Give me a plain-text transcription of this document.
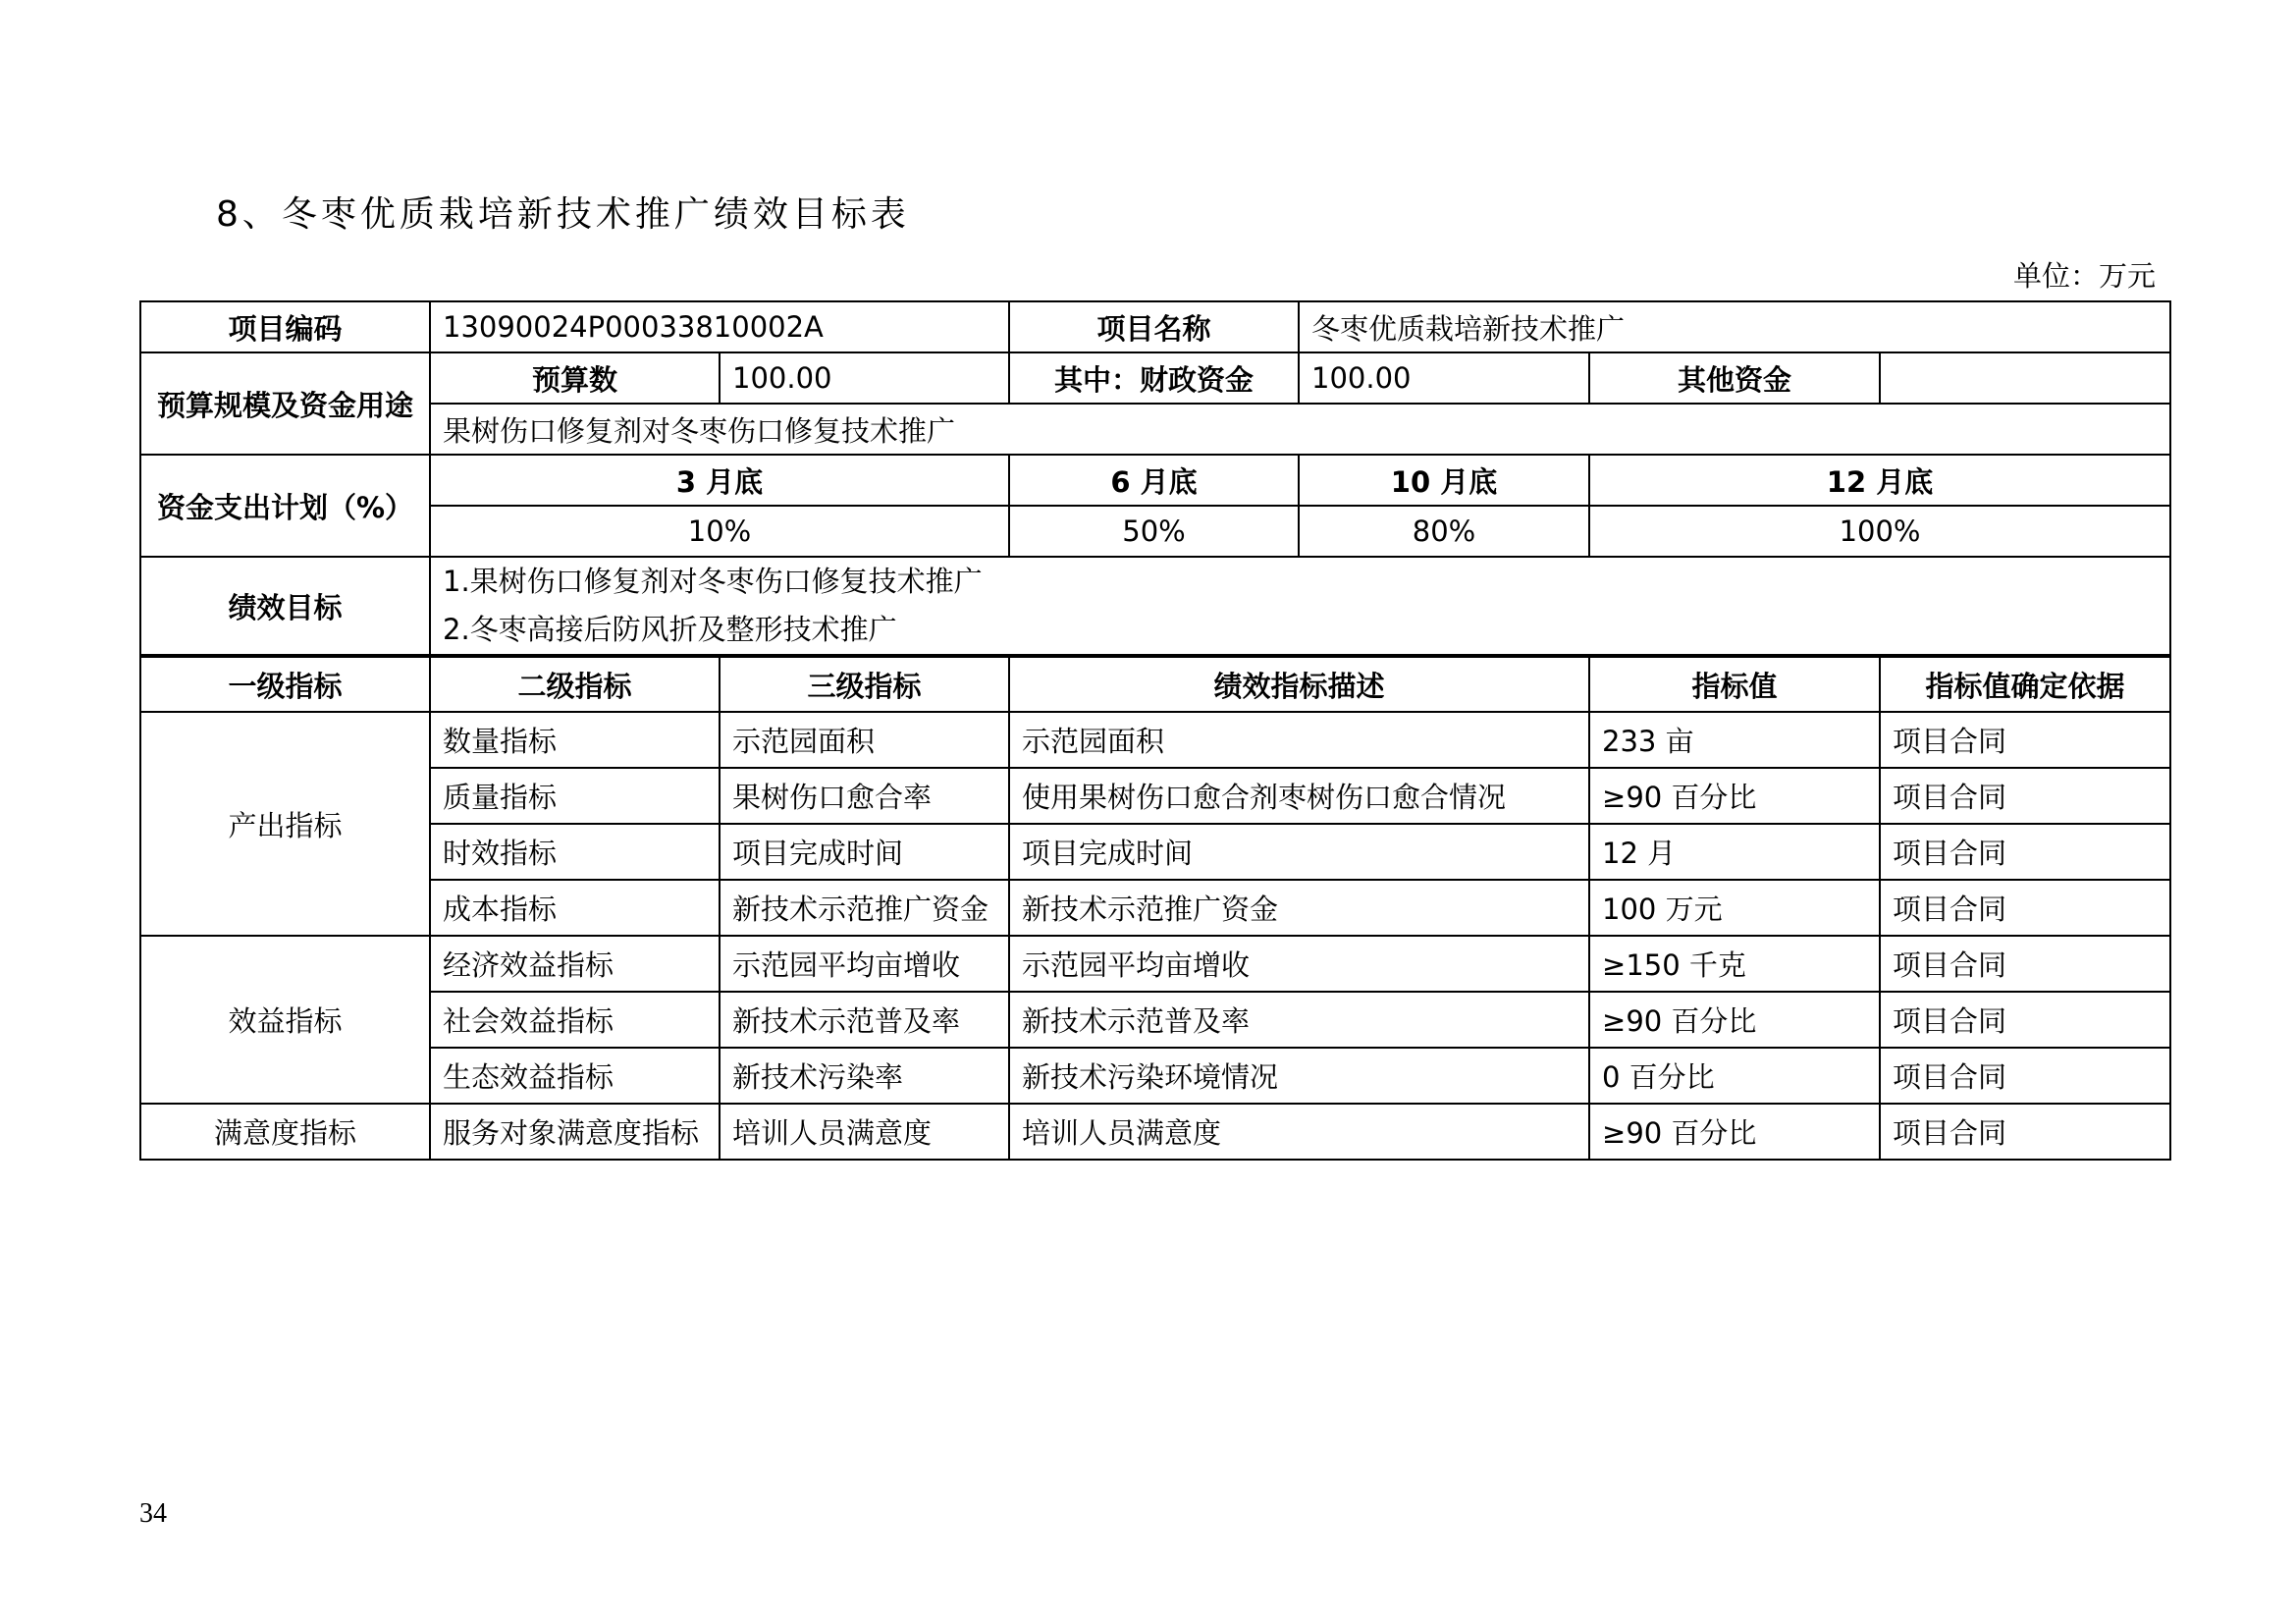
8、冬枣优质栽培新技术推广绩效目标表
单位：万元
项目编码	13090024P00033810002A		项目名称	冬枣优质栽培新技术推广		
预算规模及资金用途	预算数	100.00	其中：财政资金	100.00	其他资金	
	果树伤口修复剂对冬枣伤口修复技术推广					
资金支出计划（%）	3 月底		6 月底	10 月底	12 月底	
	10%		50%	80%	100%	
绩效目标	1.果树伤口修复剂对冬枣伤口修复技术推广
2.冬枣高接后防风折及整形技术推广					

一级指标	二级指标	三级指标	绩效指标描述		指标值	指标值确定依据
产出指标	数量指标	示范园面积	示范园面积		233 亩	项目合同
	质量指标	果树伤口愈合率	使用果树伤口愈合剂枣树伤口愈合情况		≥90 百分比	项目合同
	时效指标	项目完成时间	项目完成时间		12 月	项目合同
	成本指标	新技术示范推广资金	新技术示范推广资金		100 万元	项目合同
效益指标	经济效益指标	示范园平均亩增收	示范园平均亩增收		≥150 千克	项目合同
	社会效益指标	新技术示范普及率	新技术示范普及率		≥90 百分比	项目合同
	生态效益指标	新技术污染率	新技术污染环境情况		0 百分比	项目合同
满意度指标	服务对象满意度指标	培训人员满意度	培训人员满意度		≥90 百分比	项目合同
34
